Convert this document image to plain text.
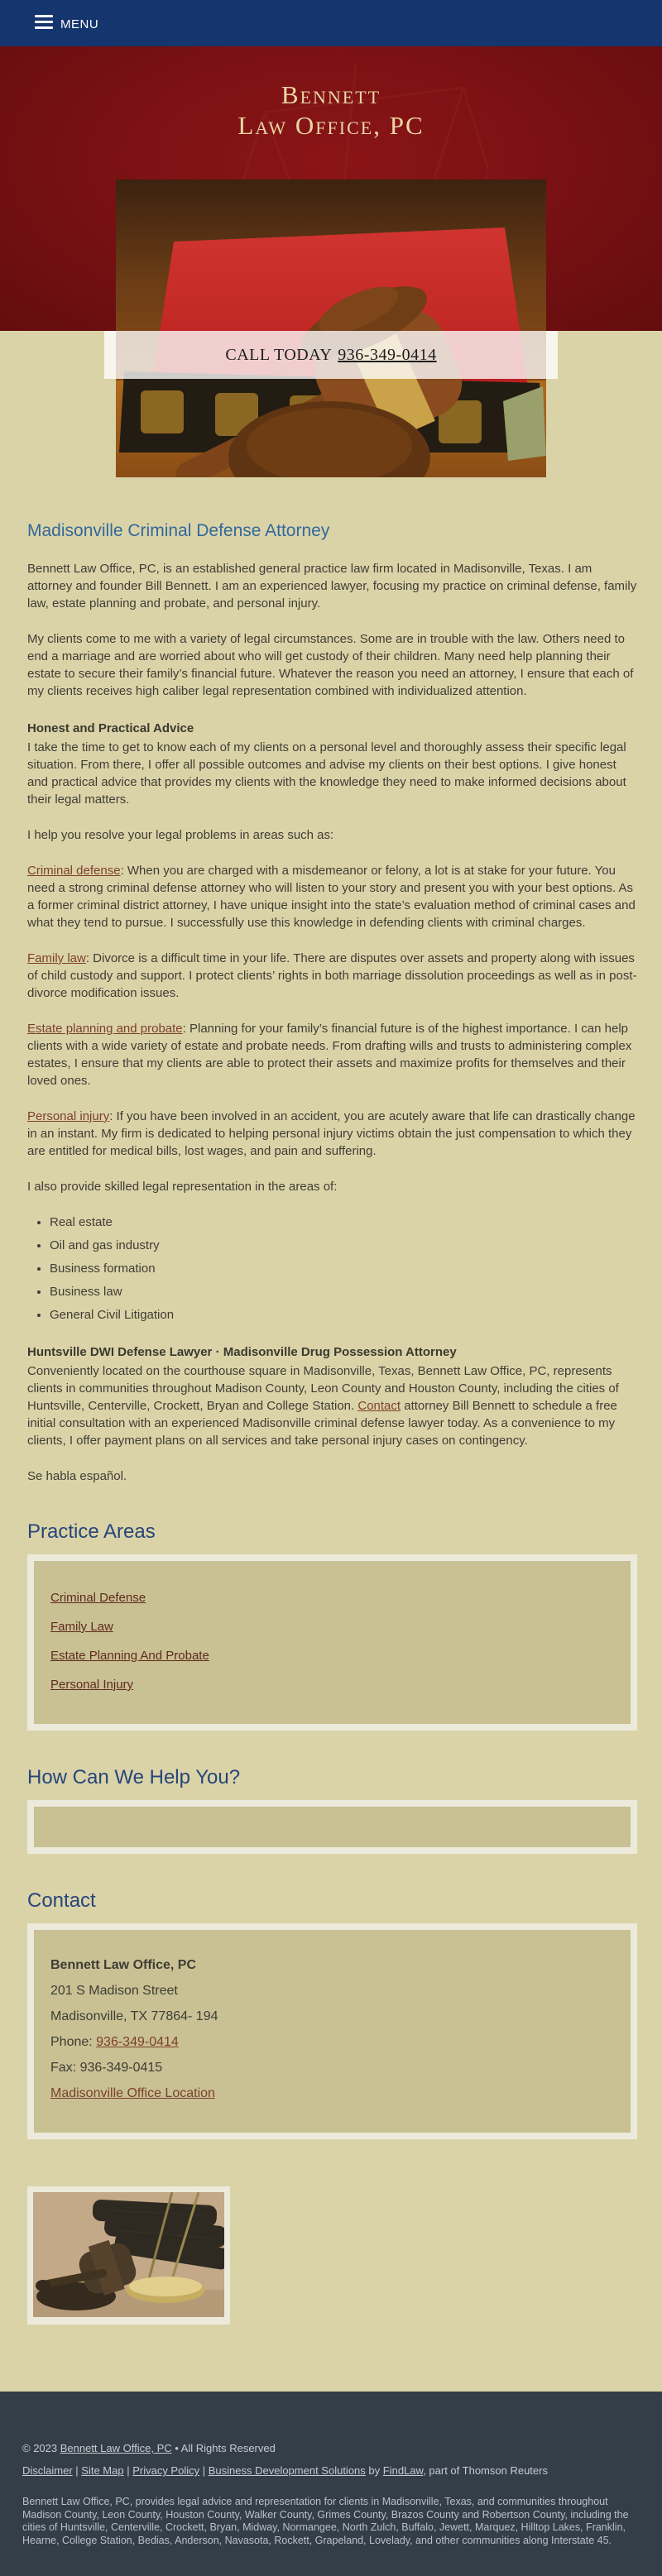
MENU
Bennett
Law Office, PC
CALL TODAY 936-349-0414
Madisonville Criminal Defense Attorney

Bennett Law Office, PC, is an established general practice law firm located in Madisonville, Texas. I am attorney and founder Bill Bennett. I am an experienced lawyer, focusing my practice on criminal defense, family law, estate planning and probate, and personal injury.

My clients come to me with a variety of legal circumstances. Some are in trouble with the law. Others need to end a marriage and are worried about who will get custody of their children. Many need help planning their estate to secure their family’s financial future. Whatever the reason you need an attorney, I ensure that each of my clients receives high caliber legal representation combined with individualized attention.

Honest and Practical Advice

I take the time to get to know each of my clients on a personal level and thoroughly assess their specific legal situation. From there, I offer all possible outcomes and advise my clients on their best options. I give honest and practical advice that provides my clients with the knowledge they need to make informed decisions about their legal matters.

I help you resolve your legal problems in areas such as:

Criminal defense: When you are charged with a misdemeanor or felony, a lot is at stake for your future. You need a strong criminal defense attorney who will listen to your story and present you with your best options. As a former criminal district attorney, I have unique insight into the state’s evaluation method of criminal cases and what they tend to pursue. I successfully use this knowledge in defending clients with criminal charges.

Family law: Divorce is a difficult time in your life. There are disputes over assets and property along with issues of child custody and support. I protect clients’ rights in both marriage dissolution proceedings as well as in post-divorce modification issues.

Estate planning and probate: Planning for your family’s financial future is of the highest importance. I can help clients with a wide variety of estate and probate needs. From drafting wills and trusts to administering complex estates, I ensure that my clients are able to protect their assets and maximize profits for themselves and their loved ones.

Personal injury: If you have been involved in an accident, you are acutely aware that life can drastically change in an instant. My firm is dedicated to helping personal injury victims obtain the just compensation to which they are entitled for medical bills, lost wages, and pain and suffering.

I also provide skilled legal representation in the areas of:

• Real estate
• Oil and gas industry
• Business formation
• Business law
• General Civil Litigation
Huntsville DWI Defense Lawyer · Madisonville Drug Possession Attorney

Conveniently located on the courthouse square in Madisonville, Texas, Bennett Law Office, PC, represents clients in communities throughout Madison County, Leon County and Houston County, including the cities of Huntsville, Centerville, Crockett, Bryan and College Station. Contact attorney Bill Bennett to schedule a free initial consultation with an experienced Madisonville criminal defense lawyer today. As a convenience to my clients, I offer payment plans on all services and take personal injury cases on contingency.

Se habla español.

Practice Areas
Criminal Defense
Family Law
Estate Planning And Probate
Personal Injury
How Can We Help You?
Contact

Bennett Law Office, PC

201 S Madison Street

Madisonville, TX 77864- 194

Phone: 936-349-0414

Fax: 936-349-0415

Madisonville Office Location

© 2023 Bennett Law Office, PC • All Rights Reserved
Disclaimer | Site Map | Privacy Policy | Business Development Solutions by FindLaw, part of Thomson Reuters
Bennett Law Office, PC, provides legal advice and representation for clients in Madisonville, Texas, and communities throughout Madison County, Leon County, Houston County, Walker County, Grimes County, Brazos County and Robertson County, including the cities of Huntsville, Centerville, Crockett, Bryan, Midway, Normangee, North Zulch, Buffalo, Jewett, Marquez, Hilltop Lakes, Franklin, Hearne, College Station, Bedias, Anderson, Navasota, Rockett, Grapeland, Lovelady, and other communities along Interstate 45.
